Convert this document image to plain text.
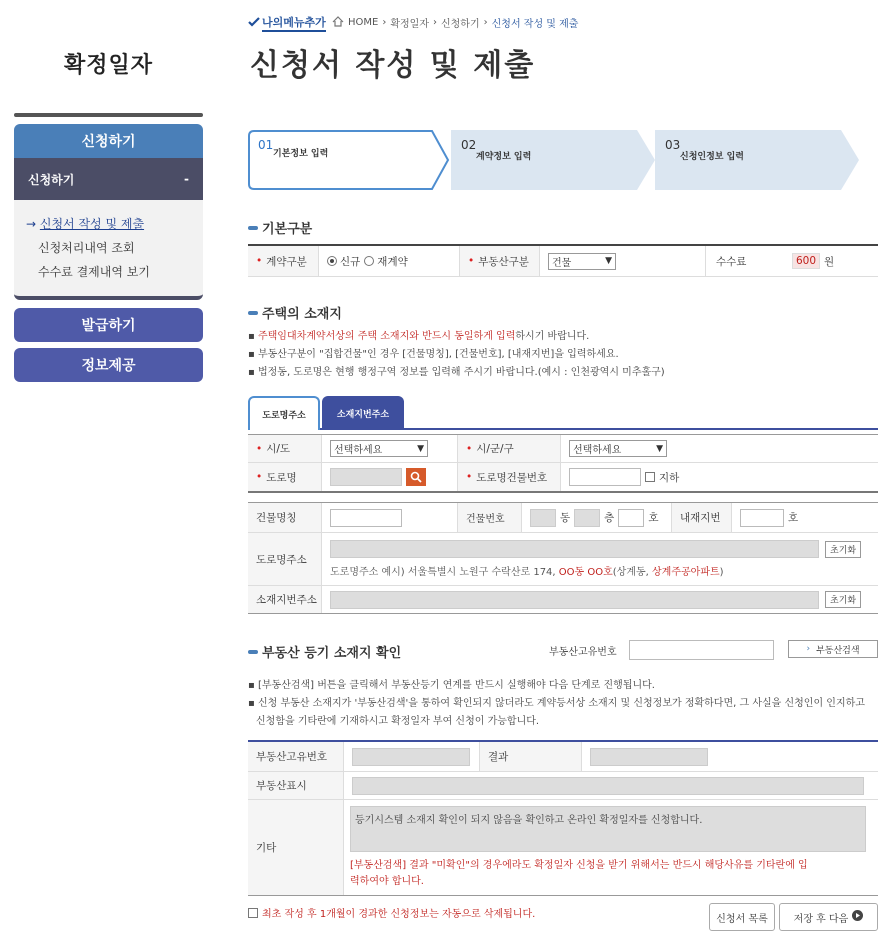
확정일자
신청하기
신청하기	-
→ 신청서 작성 및 제출
신청처리내역 조회
수수료 결제내역 보기
발급하기
정보제공
나의메뉴추가 HOME › 확정일자 › 신청하기 › 신청서 작성 및 제출
신청서 작성 및 제출
01
기본정보 입력
02
계약정보 입력
03
신청인정보 입력
기본구분
• 계약구분	신규 재계약	• 부동산구분 건물	▼	수수료	600 원
주택의 소재지
▪ 주택임대차계약서상의 주택 소재지와 반드시 동일하게 입력하시기 바랍니다.
▪ 부동산구분이 "집합건물"인 경우 [건물명칭], [건물번호], [내재지번]을 입력하세요.
▪ 법정동, 도로명은 현행 행정구역 정보를 입력해 주시기 바랍니다.(예시 : 인천광역시 미추홀구)
도로명주소	소재지번주소
• 시/도	선택하세요	▼	• 시/군/구	선택하세요	▼
• 도로명	• 도로명건물번호	지하
건물명칭	건물번호	동	층	호	내재지번	호
도로명주소
초기화
도로명주소 예시) 서울특별시 노원구 수락산로 174, OO동 OO호(상계동, 상계주공아파트)
소재지번주소	초기화
부동산 등기 소재지 확인	부동산고유번호	› 부동산검색
▪ [부동산검색] 버튼을 클릭해서 부동산등기 연계를 반드시 실행해야 다음 단계로 진행됩니다.
▪ 신청 부동산 소재지가 '부동산검색'을 통하여 확인되지 않더라도 계약등서상 소재지 및 신청정보가 정확하다면, 그 사실을 신청인이 인지하고
신청함을 기타란에 기재하시고 확정일자 부여 신청이 가능합니다.
부동산고유번호	결과
부동산표시
기타
등기시스템 소재지 확인이 되지 않음을 확인하고 온라인 확정일자를 신청합니다.
[부동산검색] 결과 "미확인"의 경우에라도 확정일자 신청을 받기 위해서는 반드시 해당사유를 기타란에 입
력하여야 합니다.
최초 작성 후 1개월이 경과한 신청정보는 자동으로 삭제됩니다.	신청서 목록	저장 후 다음
